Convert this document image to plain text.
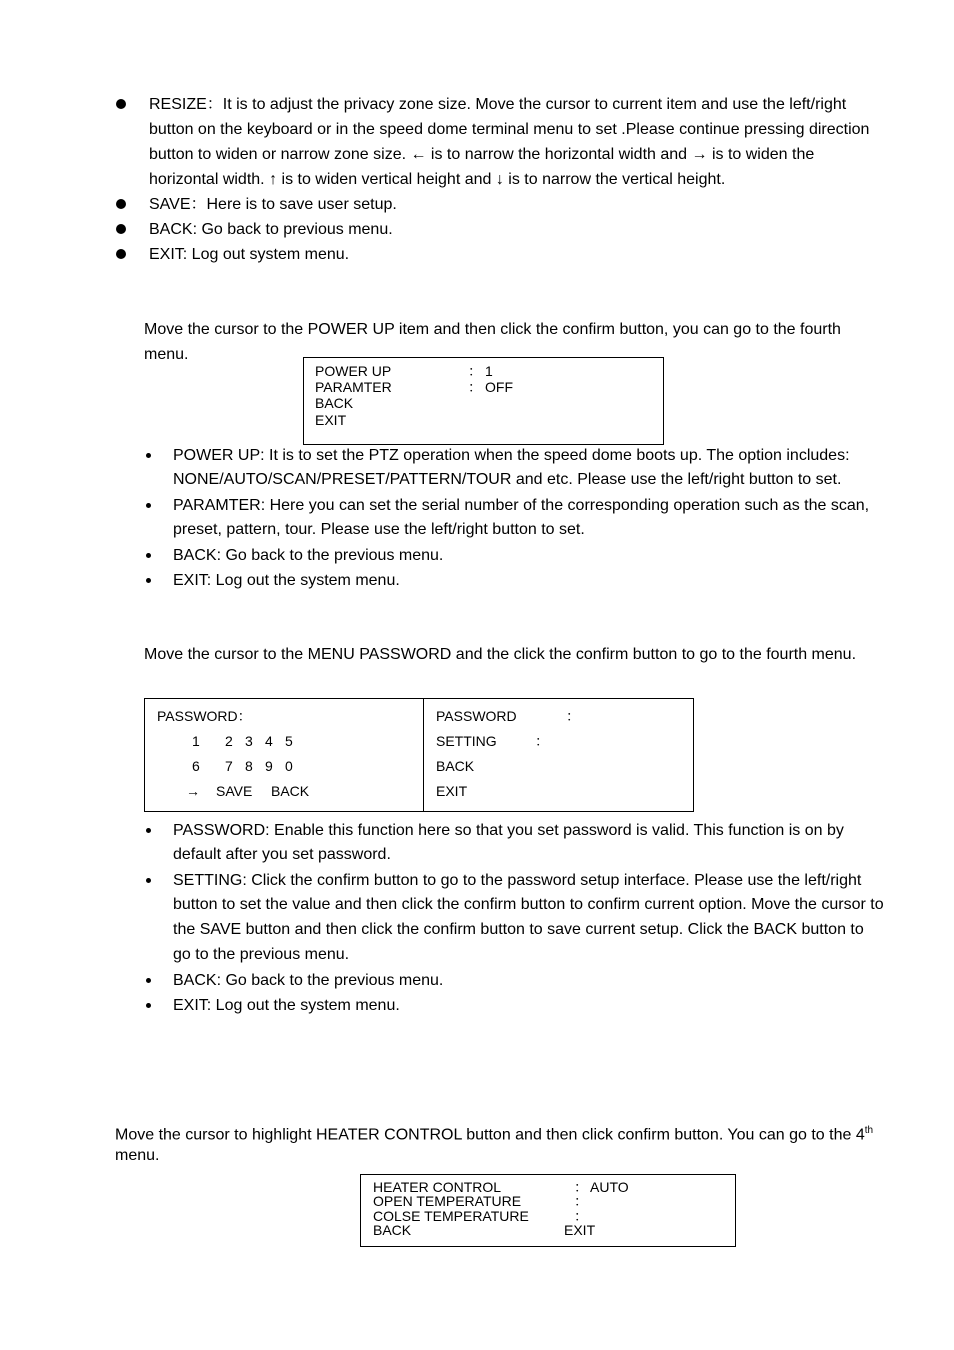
RESIZE：It is to adjust the privacy zone size. Move the cursor to current item and use the left/right
button on the keyboard or in the speed dome terminal menu to set .Please continue pressing direction
button to widen or narrow zone size. ← is to narrow the horizontal width and → is to widen the
horizontal width. ↑ is to widen vertical height and ↓ is to narrow the vertical height.
SAVE：Here is to save user setup.
BACK: Go back to previous menu.
EXIT: Log out system menu.
Move the cursor to the POWER UP item and then click the confirm button, you can go to the fourth
menu.
POWER UP	： 1
PARAMTER	： OFF
BACK
EXIT
POWER UP: It is to set the PTZ operation when the speed dome boots up. The option includes:
NONE/AUTO/SCAN/PRESET/PATTERN/TOUR and etc. Please use the left/right button to set.
PARAMTER: Here you can set the serial number of the corresponding operation such as the scan,
preset, pattern, tour. Please use the left/right button to set.
BACK: Go back to the previous menu.
EXIT: Log out the system menu.
Move the cursor to the MENU PASSWORD and the click the confirm button to go to the fourth menu.
PASSWORD：
1 2 3 4 5
6 7 8 9 0
→ SAVE BACK
PASSWORD	：
SETTING	：
BACK
EXIT
PASSWORD: Enable this function here so that you set password is valid. This function is on by
default after you set password.
SETTING: Click the confirm button to go to the password setup interface. Please use the left/right
button to set the value and then click the confirm button to confirm current option. Move the cursor to
the SAVE button and then click the confirm button to save current setup. Click the BACK button to
go to the previous menu.
BACK: Go back to the previous menu.
EXIT: Log out the system menu.
Move the cursor to highlight HEATER CONTROL button and then click confirm button. You can go to the 4th
menu.
HEATER CONTROL	： AUTO
OPEN TEMPERATURE	：
COLSE TEMPERATURE	：
BACK	EXIT
